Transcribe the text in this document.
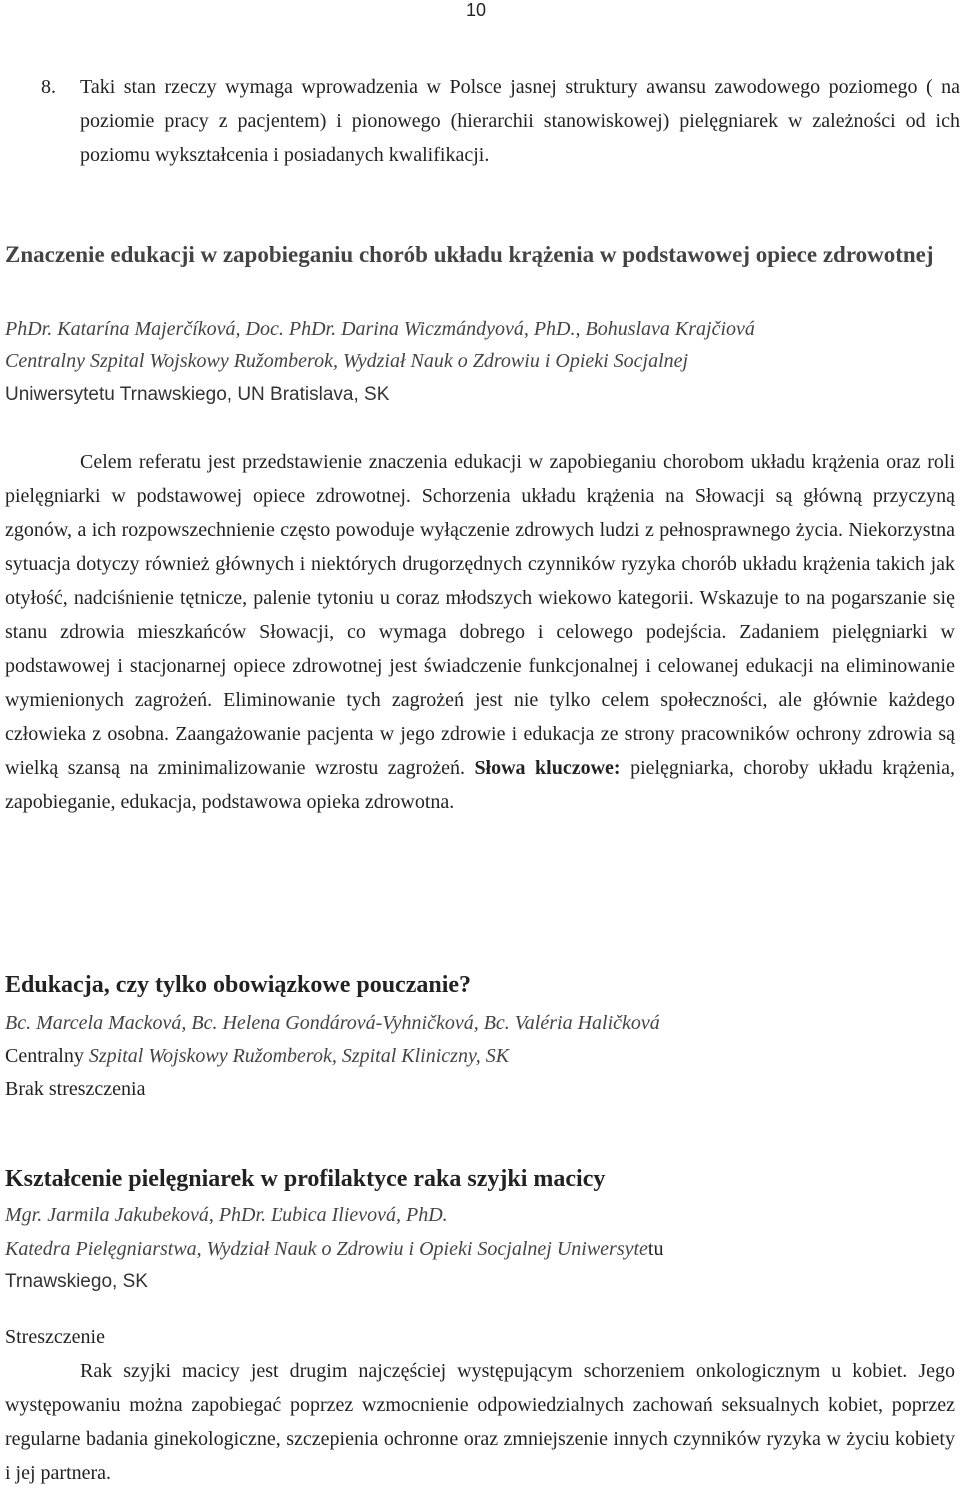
10
8. Taki stan rzeczy wymaga wprowadzenia w Polsce jasnej struktury awansu zawodowego poziomego ( na poziomie pracy z pacjentem) i pionowego (hierarchii stanowiskowej) pielęgniarek w zależności od ich poziomu wykształcenia i posiadanych kwalifikacji.
Znaczenie edukacji w zapobieganiu chorób układu krążenia w podstawowej opiece zdrowotnej
PhDr. Katarína Majerčíková, Doc. PhDr. Darina Wiczmándyová, PhD., Bohuslava Krajčiová
Centralny Szpital Wojskowy Ružomberok, Wydział Nauk o Zdrowiu i Opieki Socjalnej
Uniwersytetu Trnawskiego, UN Bratislava, SK
Celem referatu jest przedstawienie znaczenia edukacji w zapobieganiu chorobom układu krążenia oraz roli pielęgniarki w podstawowej opiece zdrowotnej. Schorzenia układu krążenia na Słowacji są główną przyczyną zgonów, a ich rozpowszechnienie często powoduje wyłączenie zdrowych ludzi z pełnosprawnego życia. Niekorzystna sytuacja dotyczy również głównych i niektórych drugorzędnych czynników ryzyka chorób układu krążenia takich jak otyłość, nadciśnienie tętnicze, palenie tytoniu u coraz młodszych wiekowo kategorii. Wskazuje to na pogarszanie się stanu zdrowia mieszkańców Słowacji, co wymaga dobrego i celowego podejścia. Zadaniem pielęgniarki w podstawowej i stacjonarnej opiece zdrowotnej jest świadczenie funkcjonalnej i celowanej edukacji na eliminowanie wymienionych zagrożeń. Eliminowanie tych zagrożeń jest nie tylko celem społeczności, ale głównie każdego człowieka z osobna. Zaangażowanie pacjenta w jego zdrowie i edukacja ze strony pracowników ochrony zdrowia są wielką szansą na zminimalizowanie wzrostu zagrożeń. Słowa kluczowe: pielęgniarka, choroby układu krążenia, zapobieganie, edukacja, podstawowa opieka zdrowotna.
Edukacja, czy tylko obowiązkowe pouczanie?
Bc. Marcela Macková, Bc. Helena Gondárová-Vyhničková, Bc. Valéria Haličková
Centralny Szpital Wojskowy Ružomberok, Szpital Kliniczny, SK
Brak streszczenia
Kształcenie pielęgniarek w profilaktyce raka szyjki macicy
Mgr. Jarmila Jakubeková, PhDr. Ľubica Ilievová, PhD.
Katedra Pielęgniarstwa, Wydział Nauk o Zdrowiu i Opieki Socjalnej Uniwersytetu
Trnawskiego, SK
Streszczenie
Rak szyjki macicy jest drugim najczęściej występującym schorzeniem onkologicznym u kobiet. Jego występowaniu można zapobiegać poprzez wzmocnienie odpowiedzialnych zachowań seksualnych kobiet, poprzez regularne badania ginekologiczne, szczepienia ochronne oraz zmniejszenie innych czynników ryzyka w życiu kobiety i jej partnera.
